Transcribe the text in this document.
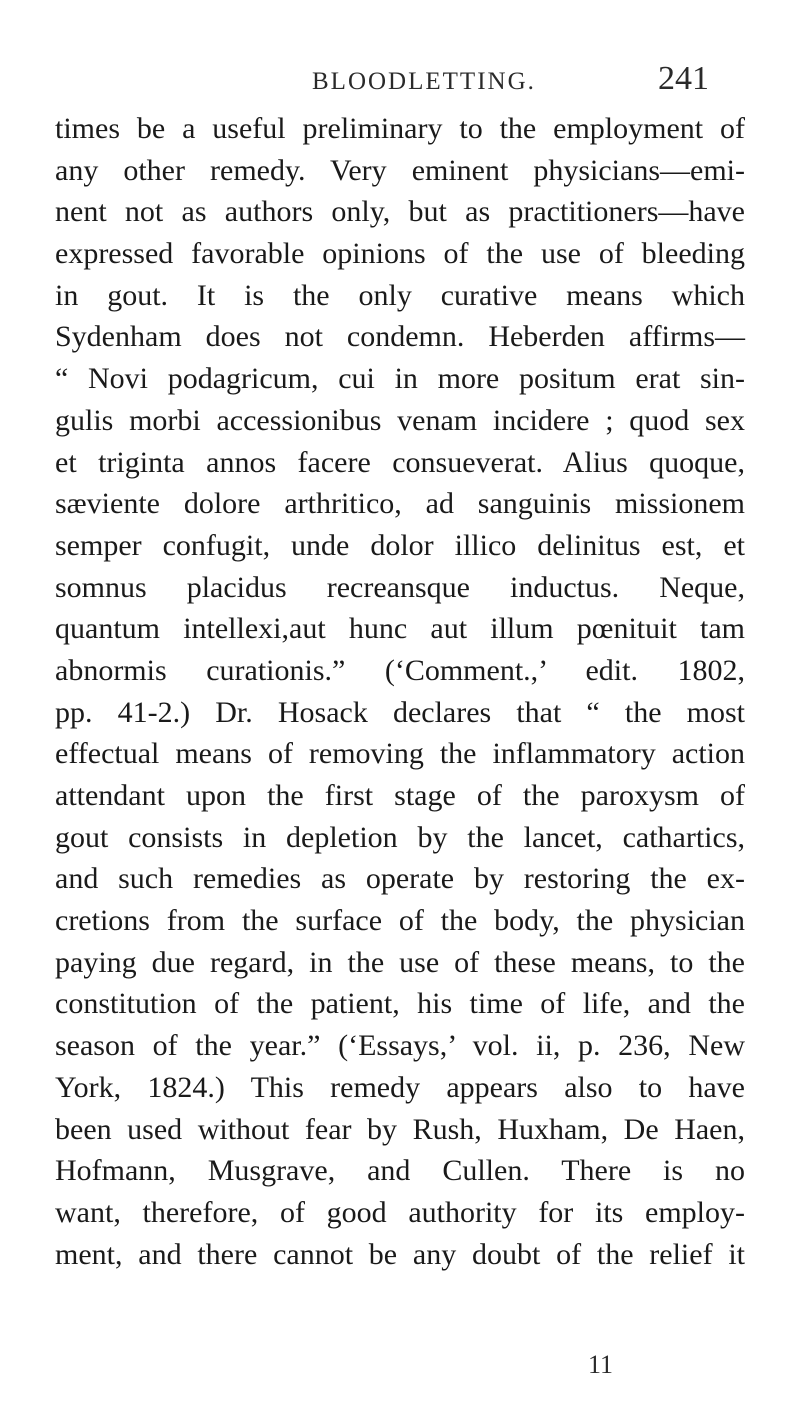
BLOODLETTING.	241
times be a useful preliminary to the employment of
any other remedy. Very eminent physicians—emi-
nent not as authors only, but as practitioners—have
expressed favorable opinions of the use of bleeding
in gout. It is the only curative means which
Sydenham does not condemn. Heberden affirms—
“ Novi podagricum, cui in more positum erat sin-
gulis morbi accessionibus venam incidere ; quod sex
et triginta annos facere consueverat. Alius quoque,
sæviente dolore arthritico, ad sanguinis missionem
semper confugit, unde dolor illico delinitus est, et
somnus placidus recreansque inductus. Neque,
quantum intellexi,aut hunc aut illum pœnituit tam
abnormis curationis.” (‘Comment.,’ edit. 1802,
pp. 41-2.) Dr. Hosack declares that “ the most
effectual means of removing the inflammatory action
attendant upon the first stage of the paroxysm of
gout consists in depletion by the lancet, cathartics,
and such remedies as operate by restoring the ex-
cretions from the surface of the body, the physician
paying due regard, in the use of these means, to the
constitution of the patient, his time of life, and the
season of the year.” (‘Essays,’ vol. ii, p. 236, New
York, 1824.) This remedy appears also to have
been used without fear by Rush, Huxham, De Haen,
Hofmann, Musgrave, and Cullen. There is no
want, therefore, of good authority for its employ-
ment, and there cannot be any doubt of the relief it
11
